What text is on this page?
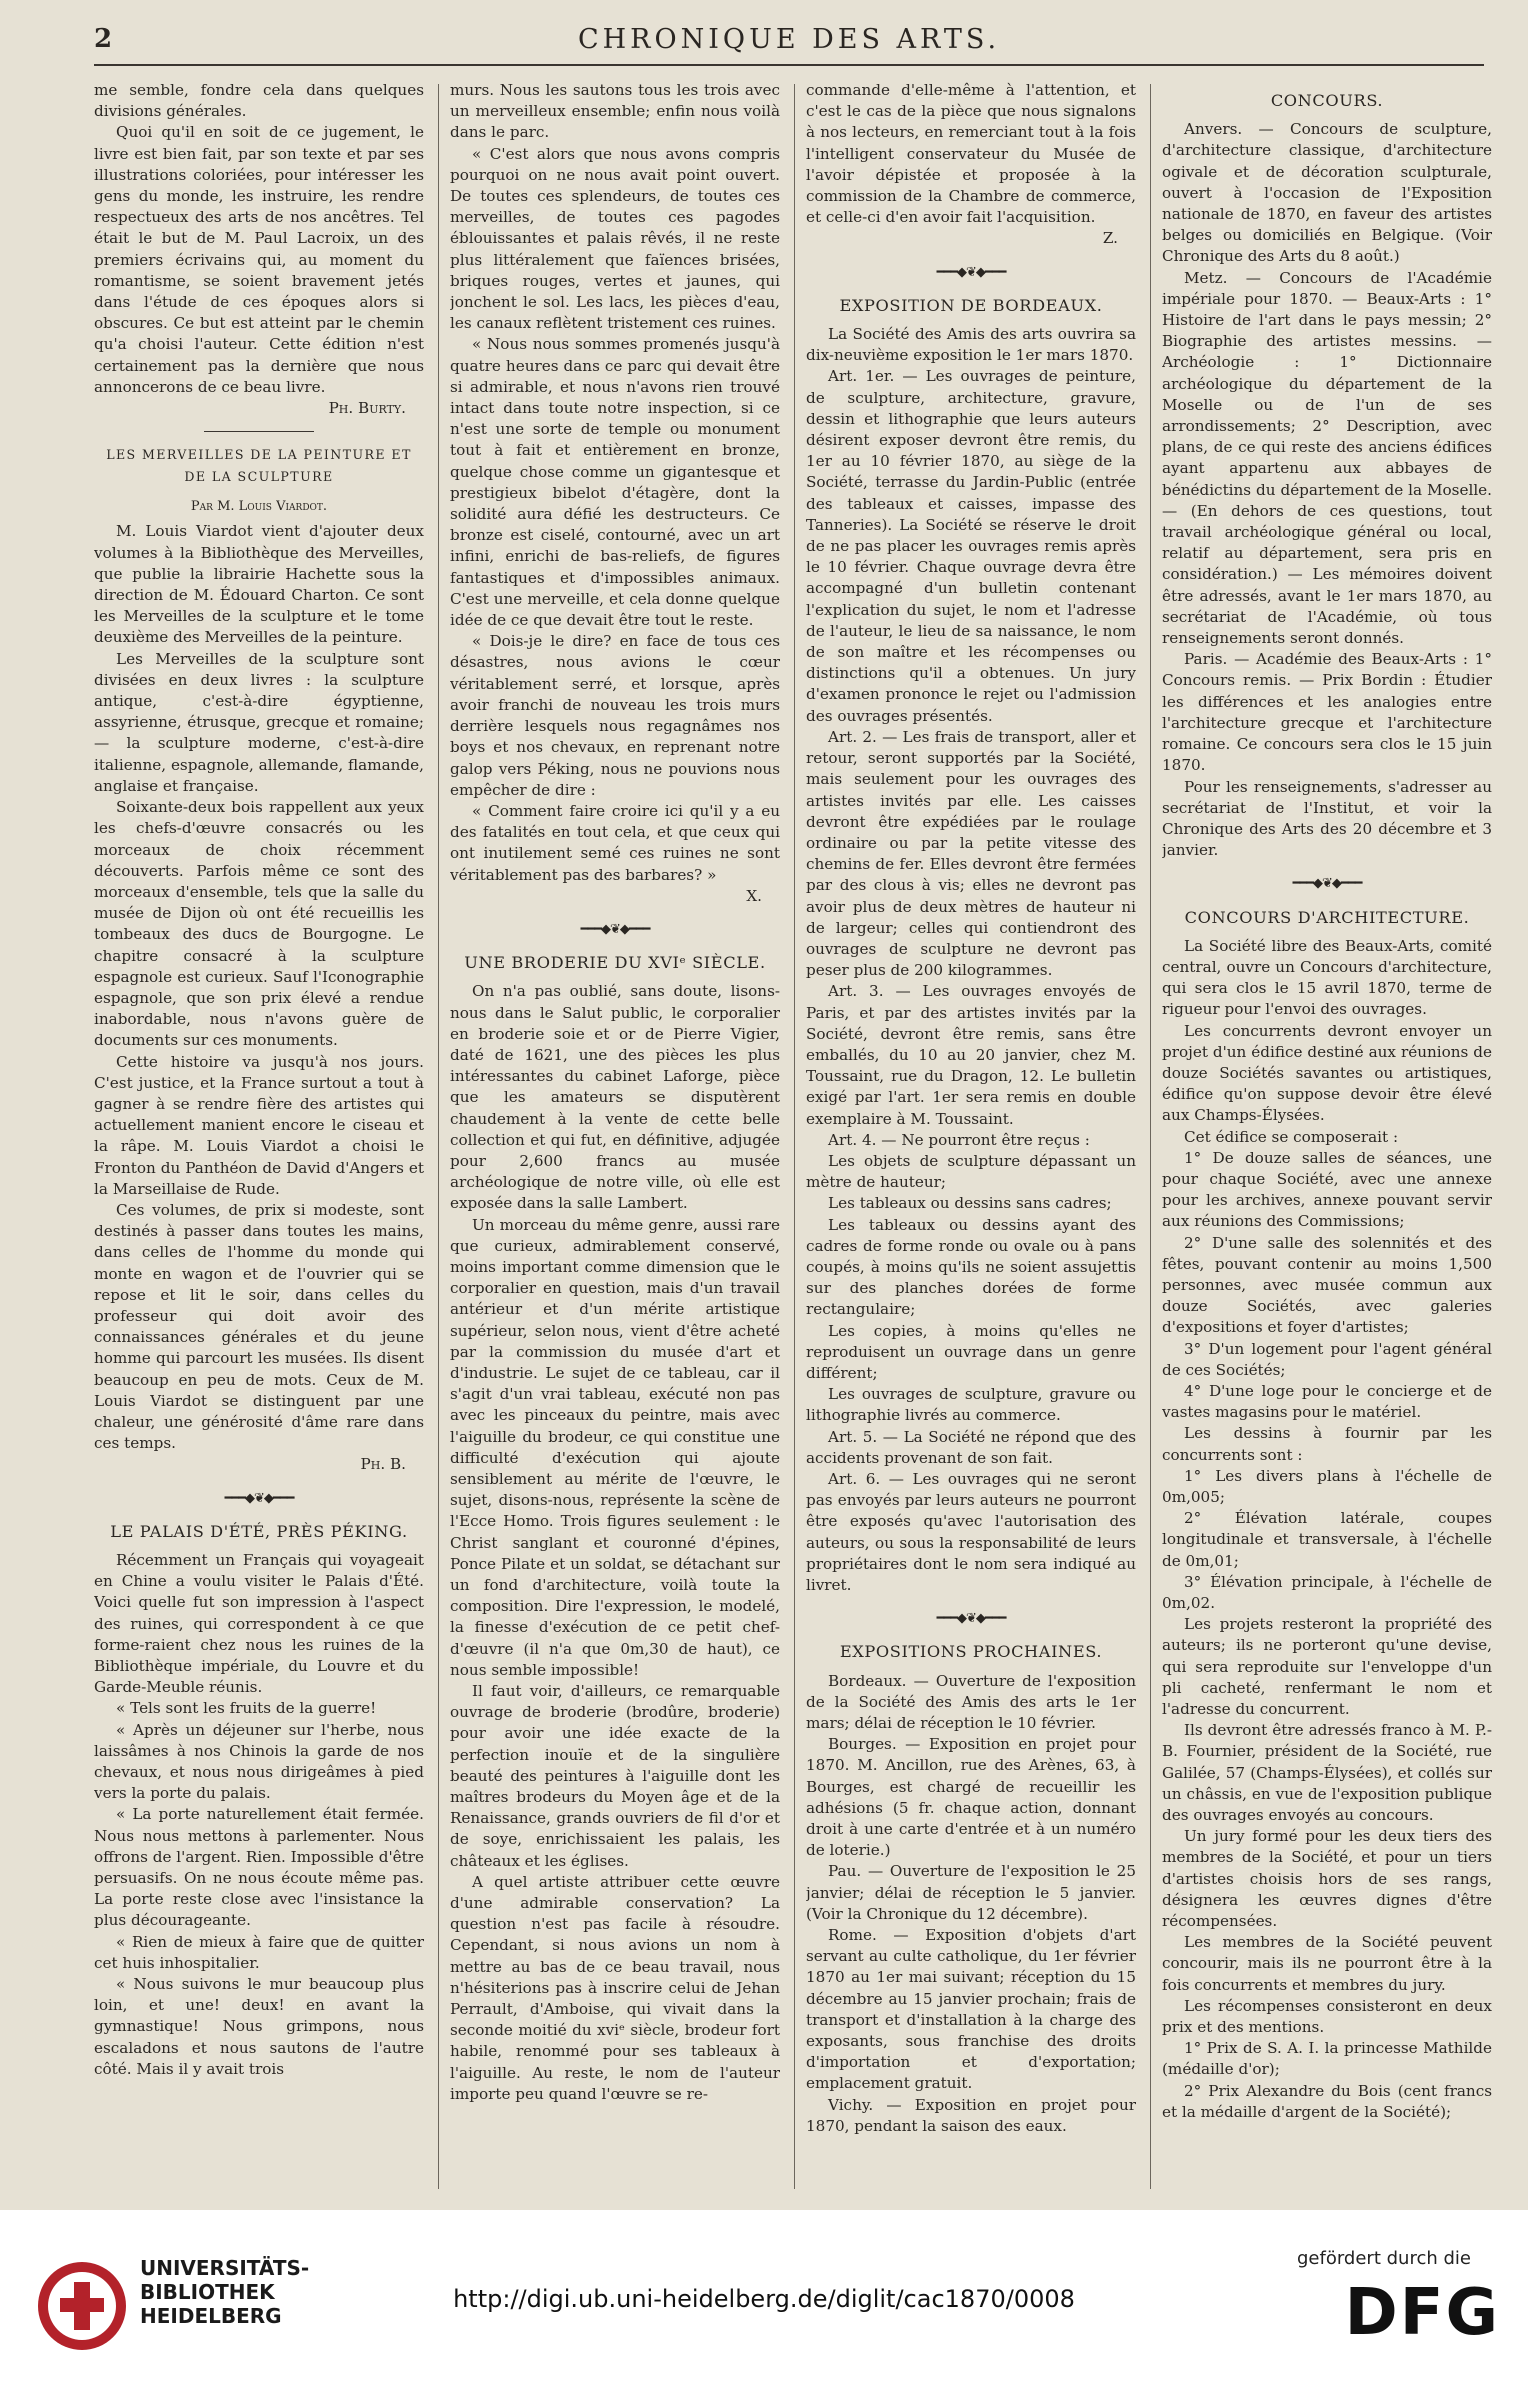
2	CHRONIQUE DES ARTS.

me semble, fondre cela dans quelques divisions générales.

Quoi qu'il en soit de ce jugement, le livre est bien fait, par son texte et par ses illustrations coloriées, pour intéresser les gens du monde, les instruire, les rendre respectueux des arts de nos ancêtres. Tel était le but de M. Paul Lacroix, un des premiers écrivains qui, au moment du romantisme, se soient bravement jetés dans l'étude de ces époques alors si obscures. Ce but est atteint par le chemin qu'a choisi l'auteur. Cette édition n'est certainement pas la dernière que nous annoncerons de ce beau livre.

Ph. Burty.
LES MERVEILLES DE LA PEINTURE ET DE LA SCULPTURE
Par M. Louis Viardot.

M. Louis Viardot vient d'ajouter deux volumes à la Bibliothèque des Merveilles, que publie la librairie Hachette sous la direction de M. Édouard Charton. Ce sont les Merveilles de la sculpture et le tome deuxième des Merveilles de la peinture.

Les Merveilles de la sculpture sont divisées en deux livres : la sculpture antique, c'est-à-dire égyptienne, assyrienne, étrusque, grecque et romaine; — la sculpture moderne, c'est-à-dire italienne, espagnole, allemande, flamande, anglaise et française.

Soixante-deux bois rappellent aux yeux les chefs-d'œuvre consacrés ou les morceaux de choix récemment découverts. Parfois même ce sont des morceaux d'ensemble, tels que la salle du musée de Dijon où ont été recueillis les tombeaux des ducs de Bourgogne. Le chapitre consacré à la sculpture espagnole est curieux. Sauf l'Iconographie espagnole, que son prix élevé a rendue inabordable, nous n'avons guère de documents sur ces monuments.

Cette histoire va jusqu'à nos jours. C'est justice, et la France surtout a tout à gagner à se rendre fière des artistes qui actuellement manient encore le ciseau et la râpe. M. Louis Viardot a choisi le Fronton du Panthéon de David d'Angers et la Marseillaise de Rude.

Ces volumes, de prix si modeste, sont destinés à passer dans toutes les mains, dans celles de l'homme du monde qui monte en wagon et de l'ouvrier qui se repose et lit le soir, dans celles du professeur qui doit avoir des connaissances générales et du jeune homme qui parcourt les musées. Ils disent beaucoup en peu de mots. Ceux de M. Louis Viardot se distinguent par une chaleur, une générosité d'âme rare dans ces temps.

Ph. B.
━━━◆❦◆━━━
LE PALAIS D'ÉTÉ, PRÈS PÉKING.

Récemment un Français qui voyageait en Chine a voulu visiter le Palais d'Été. Voici quelle fut son impression à l'aspect des ruines, qui correspondent à ce que forme-raient chez nous les ruines de la Bibliothèque impériale, du Louvre et du Garde-Meuble réunis.

« Tels sont les fruits de la guerre!

« Après un déjeuner sur l'herbe, nous laissâmes à nos Chinois la garde de nos chevaux, et nous nous dirigeâmes à pied vers la porte du palais.

« La porte naturellement était fermée. Nous nous mettons à parlementer. Nous offrons de l'argent. Rien. Impossible d'être persuasifs. On ne nous écoute même pas. La porte reste close avec l'insistance la plus décourageante.

« Rien de mieux à faire que de quitter cet huis inhospitalier.

« Nous suivons le mur beaucoup plus loin, et une! deux! en avant la gymnastique! Nous grimpons, nous escaladons et nous sautons de l'autre côté. Mais il y avait trois

murs. Nous les sautons tous les trois avec un merveilleux ensemble; enfin nous voilà dans le parc.

« C'est alors que nous avons compris pourquoi on ne nous avait point ouvert. De toutes ces splendeurs, de toutes ces merveilles, de toutes ces pagodes éblouissantes et palais rêvés, il ne reste plus littéralement que faïences brisées, briques rouges, vertes et jaunes, qui jonchent le sol. Les lacs, les pièces d'eau, les canaux reflètent tristement ces ruines.

« Nous nous sommes promenés jusqu'à quatre heures dans ce parc qui devait être si admirable, et nous n'avons rien trouvé intact dans toute notre inspection, si ce n'est une sorte de temple ou monument tout à fait et entièrement en bronze, quelque chose comme un gigantesque et prestigieux bibelot d'étagère, dont la solidité aura défié les destructeurs. Ce bronze est ciselé, contourné, avec un art infini, enrichi de bas-reliefs, de figures fantastiques et d'impossibles animaux. C'est une merveille, et cela donne quelque idée de ce que devait être tout le reste.

« Dois-je le dire? en face de tous ces désastres, nous avions le cœur véritablement serré, et lorsque, après avoir franchi de nouveau les trois murs derrière lesquels nous regagnâmes nos boys et nos chevaux, en reprenant notre galop vers Péking, nous ne pouvions nous empêcher de dire :

« Comment faire croire ici qu'il y a eu des fatalités en tout cela, et que ceux qui ont inutilement semé ces ruines ne sont véritablement pas des barbares? »

X.
━━━◆❦◆━━━
UNE BRODERIE DU XVIᵉ SIÈCLE.

On n'a pas oublié, sans doute, lisons-nous dans le Salut public, le corporalier en broderie soie et or de Pierre Vigier, daté de 1621, une des pièces les plus intéressantes du cabinet Laforge, pièce que les amateurs se disputèrent chaudement à la vente de cette belle collection et qui fut, en définitive, adjugée pour 2,600 francs au musée archéologique de notre ville, où elle est exposée dans la salle Lambert.

Un morceau du même genre, aussi rare que curieux, admirablement conservé, moins important comme dimension que le corporalier en question, mais d'un travail antérieur et d'un mérite artistique supérieur, selon nous, vient d'être acheté par la commission du musée d'art et d'industrie. Le sujet de ce tableau, car il s'agit d'un vrai tableau, exécuté non pas avec les pinceaux du peintre, mais avec l'aiguille du brodeur, ce qui constitue une difficulté d'exécution qui ajoute sensiblement au mérite de l'œuvre, le sujet, disons-nous, représente la scène de l'Ecce Homo. Trois figures seulement : le Christ sanglant et couronné d'épines, Ponce Pilate et un soldat, se détachant sur un fond d'architecture, voilà toute la composition. Dire l'expression, le modelé, la finesse d'exécution de ce petit chef-d'œuvre (il n'a que 0m,30 de haut), ce nous semble impossible!

Il faut voir, d'ailleurs, ce remarquable ouvrage de broderie (brodûre, broderie) pour avoir une idée exacte de la perfection inouïe et de la singulière beauté des peintures à l'aiguille dont les maîtres brodeurs du Moyen âge et de la Renaissance, grands ouvriers de fil d'or et de soye, enrichissaient les palais, les châteaux et les églises.

A quel artiste attribuer cette œuvre d'une admirable conservation? La question n'est pas facile à résoudre. Cependant, si nous avions un nom à mettre au bas de ce beau travail, nous n'hésiterions pas à inscrire celui de Jehan Perrault, d'Amboise, qui vivait dans la seconde moitié du xviᵉ siècle, brodeur fort habile, renommé pour ses tableaux à l'aiguille. Au reste, le nom de l'auteur importe peu quand l'œuvre se re-

commande d'elle-même à l'attention, et c'est le cas de la pièce que nous signalons à nos lecteurs, en remerciant tout à la fois l'intelligent conservateur du Musée de l'avoir dépistée et proposée à la commission de la Chambre de commerce, et celle-ci d'en avoir fait l'acquisition.

Z.
━━━◆❦◆━━━
EXPOSITION DE BORDEAUX.

La Société des Amis des arts ouvrira sa dix-neuvième exposition le 1er mars 1870.

Art. 1er. — Les ouvrages de peinture, de sculpture, architecture, gravure, dessin et lithographie que leurs auteurs désirent exposer devront être remis, du 1er au 10 février 1870, au siège de la Société, terrasse du Jardin-Public (entrée des tableaux et caisses, impasse des Tanneries). La Société se réserve le droit de ne pas placer les ouvrages remis après le 10 février. Chaque ouvrage devra être accompagné d'un bulletin contenant l'explication du sujet, le nom et l'adresse de l'auteur, le lieu de sa naissance, le nom de son maître et les récompenses ou distinctions qu'il a obtenues. Un jury d'examen prononce le rejet ou l'admission des ouvrages présentés.

Art. 2. — Les frais de transport, aller et retour, seront supportés par la Société, mais seulement pour les ouvrages des artistes invités par elle. Les caisses devront être expédiées par le roulage ordinaire ou par la petite vitesse des chemins de fer. Elles devront être fermées par des clous à vis; elles ne devront pas avoir plus de deux mètres de hauteur ni de largeur; celles qui contiendront des ouvrages de sculpture ne devront pas peser plus de 200 kilogrammes.

Art. 3. — Les ouvrages envoyés de Paris, et par des artistes invités par la Société, devront être remis, sans être emballés, du 10 au 20 janvier, chez M. Toussaint, rue du Dragon, 12. Le bulletin exigé par l'art. 1er sera remis en double exemplaire à M. Toussaint.

Art. 4. — Ne pourront être reçus :

Les objets de sculpture dépassant un mètre de hauteur;

Les tableaux ou dessins sans cadres;

Les tableaux ou dessins ayant des cadres de forme ronde ou ovale ou à pans coupés, à moins qu'ils ne soient assujettis sur des planches dorées de forme rectangulaire;

Les copies, à moins qu'elles ne reproduisent un ouvrage dans un genre différent;

Les ouvrages de sculpture, gravure ou lithographie livrés au commerce.

Art. 5. — La Société ne répond que des accidents provenant de son fait.

Art. 6. — Les ouvrages qui ne seront pas envoyés par leurs auteurs ne pourront être exposés qu'avec l'autorisation des auteurs, ou sous la responsabilité de leurs propriétaires dont le nom sera indiqué au livret.

━━━◆❦◆━━━
EXPOSITIONS PROCHAINES.

Bordeaux. — Ouverture de l'exposition de la Société des Amis des arts le 1er mars; délai de réception le 10 février.

Bourges. — Exposition en projet pour 1870. M. Ancillon, rue des Arènes, 63, à Bourges, est chargé de recueillir les adhésions (5 fr. chaque action, donnant droit à une carte d'entrée et à un numéro de loterie.)

Pau. — Ouverture de l'exposition le 25 janvier; délai de réception le 5 janvier. (Voir la Chronique du 12 décembre).

Rome. — Exposition d'objets d'art servant au culte catholique, du 1er février 1870 au 1er mai suivant; réception du 15 décembre au 15 janvier prochain; frais de transport et d'installation à la charge des exposants, sous franchise des droits d'importation et d'exportation; emplacement gratuit.

Vichy. — Exposition en projet pour 1870, pendant la saison des eaux.

CONCOURS.

Anvers. — Concours de sculpture, d'architecture classique, d'architecture ogivale et de décoration sculpturale, ouvert à l'occasion de l'Exposition nationale de 1870, en faveur des artistes belges ou domiciliés en Belgique. (Voir Chronique des Arts du 8 août.)

Metz. — Concours de l'Académie impériale pour 1870. — Beaux-Arts : 1° Histoire de l'art dans le pays messin; 2° Biographie des artistes messins. — Archéologie : 1° Dictionnaire archéologique du département de la Moselle ou de l'un de ses arrondissements; 2° Description, avec plans, de ce qui reste des anciens édifices ayant appartenu aux abbayes de bénédictins du département de la Moselle. — (En dehors de ces questions, tout travail archéologique général ou local, relatif au département, sera pris en considération.) — Les mémoires doivent être adressés, avant le 1er mars 1870, au secrétariat de l'Académie, où tous renseignements seront donnés.

Paris. — Académie des Beaux-Arts : 1° Concours remis. — Prix Bordin : Étudier les différences et les analogies entre l'architecture grecque et l'architecture romaine. Ce concours sera clos le 15 juin 1870.

Pour les renseignements, s'adresser au secrétariat de l'Institut, et voir la Chronique des Arts des 20 décembre et 3 janvier.

━━━◆❦◆━━━
CONCOURS D'ARCHITECTURE.

La Société libre des Beaux-Arts, comité central, ouvre un Concours d'architecture, qui sera clos le 15 avril 1870, terme de rigueur pour l'envoi des ouvrages.

Les concurrents devront envoyer un projet d'un édifice destiné aux réunions de douze Sociétés savantes ou artistiques, édifice qu'on suppose devoir être élevé aux Champs-Élysées.

Cet édifice se composerait :

1° De douze salles de séances, une pour chaque Société, avec une annexe pour les archives, annexe pouvant servir aux réunions des Commissions;

2° D'une salle des solennités et des fêtes, pouvant contenir au moins 1,500 personnes, avec musée commun aux douze Sociétés, avec galeries d'expositions et foyer d'artistes;

3° D'un logement pour l'agent général de ces Sociétés;

4° D'une loge pour le concierge et de vastes magasins pour le matériel.

Les dessins à fournir par les concurrents sont :

1° Les divers plans à l'échelle de 0m,005;

2° Élévation latérale, coupes longitudinale et transversale, à l'échelle de 0m,01;

3° Élévation principale, à l'échelle de 0m,02.

Les projets resteront la propriété des auteurs; ils ne porteront qu'une devise, qui sera reproduite sur l'enveloppe d'un pli cacheté, renfermant le nom et l'adresse du concurrent.

Ils devront être adressés franco à M. P.-B. Fournier, président de la Société, rue Galilée, 57 (Champs-Élysées), et collés sur un châssis, en vue de l'exposition publique des ouvrages envoyés au concours.

Un jury formé pour les deux tiers des membres de la Société, et pour un tiers d'artistes choisis hors de ses rangs, désignera les œuvres dignes d'être récompensées.

Les membres de la Société peuvent concourir, mais ils ne pourront être à la fois concurrents et membres du jury.

Les récompenses consisteront en deux prix et des mentions.

1° Prix de S. A. I. la princesse Mathilde (médaille d'or);

2° Prix Alexandre du Bois (cent francs et la médaille d'argent de la Société);

UNIVERSITÄTS-
BIBLIOTHEK
HEIDELBERG
http://digi.ub.uni-heidelberg.de/diglit/cac1870/0008
gefördert durch die
DFG
